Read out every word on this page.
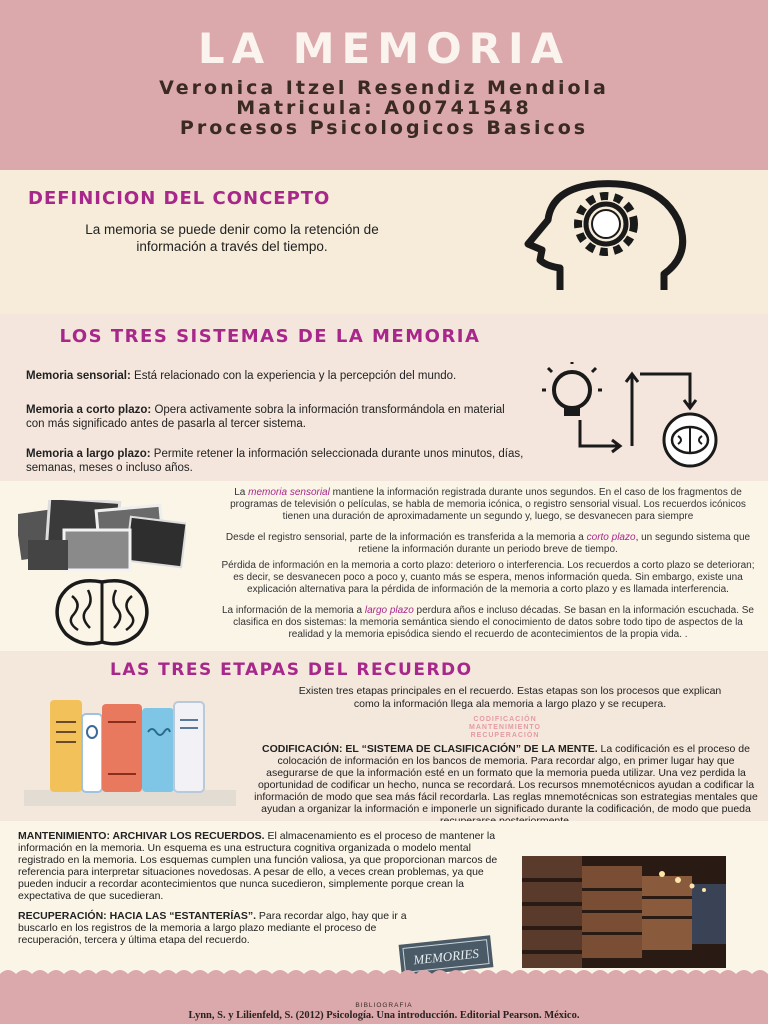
LA MEMORIA
Veronica Itzel Resendiz Mendiola
Matricula: A00741548
Procesos Psicologicos Basicos
DEFINICION DEL CONCEPTO
La memoria se puede denir como la retención de información a través del tiempo.
LOS TRES SISTEMAS DE LA MEMORIA
Memoria sensorial: Está relacionado con la experiencia y la percepción del mundo.
Memoria a corto plazo: Opera activamente sobra la información transformándola en material con más significado antes de pasarla al tercer sistema.
Memoria a largo plazo: Permite retener la información seleccionada durante unos minutos, días, semanas, meses o incluso años.
La memoria sensorial mantiene la información registrada durante unos segundos. En el caso de los fragmentos de programas de televisión o películas, se habla de memoria icónica, o registro sensorial visual. Los recuerdos icónicos tienen una duración de aproximadamente un segundo y, luego, se desvanecen para siempre
Desde el registro sensorial, parte de la información es transferida a la memoria a corto plazo, un segundo sistema que retiene la información durante un periodo breve de tiempo.
Pérdida de información en la memoria a corto plazo: deterioro o interferencia. Los recuerdos a corto plazo se deterioran; es decir, se desvanecen poco a poco y, cuanto más se espera, menos información queda. Sin embargo, existe una explicación alternativa para la pérdida de información de la memoria a corto plazo y es llamada interferencia.
La información de la memoria a largo plazo perdura años e incluso décadas. Se basan en la información escuchada. Se clasifica en dos sistemas: la memoria semántica siendo el conocimiento de datos sobre todo tipo de aspectos de la realidad y la memoria episódica siendo el recuerdo de acontecimientos de la propia vida. .
LAS TRES ETAPAS DEL RECUERDO
Existen tres etapas principales en el recuerdo. Estas etapas son los procesos que explican como la información llega ala memoria a largo plazo y se recupera.
CODIFICACIÓN
MANTENIMIENTO
RECUPERACIÓN
CODIFICACIÓN: EL “SISTEMA DE CLASIFICACIÓN” DE LA MENTE. La codificación es el proceso de colocación de información en los bancos de memoria. Para recordar algo, en primer lugar hay que asegurarse de que la información esté en un formato que la memoria pueda utilizar. Una vez perdida la oportunidad de codificar un hecho, nunca se recordará. Los recursos mnemotécnicos ayudan a codificar la información de modo que sea más fácil recordarla. Las reglas mnemotécnicas son estrategias mentales que ayudan a organizar la información e imponerle un significado durante la codificación, de modo que pueda
MANTENIMIENTO: ARCHIVAR LOS RECUERDOS. El almacenamiento es el proceso de mantener la información en la memoria. Un esquema es una estructura cognitiva organizada o modelo mental registrado en la memoria. Los esquemas cumplen una función valiosa, ya que proporcionan marcos de referencia para interpretar situaciones novedosas. A pesar de ello, a veces crean problemas, ya que pueden inducir a recordar acontecimientos que nunca sucedieron, simplemente porque crean la expectativa de que sucedieran.
RECUPERACIÓN: HACIA LAS “ESTANTERÍAS”. Para recordar algo, hay que ir a buscarlo en los registros de la memoria a largo plazo mediante el proceso de recuperación, tercera y última etapa del recuerdo.
MEMORIES
BIBLIOGRAFIA
Lynn, S. y Lilienfeld, S. (2012) Psicología. Una introducción. Editorial Pearson. México.
